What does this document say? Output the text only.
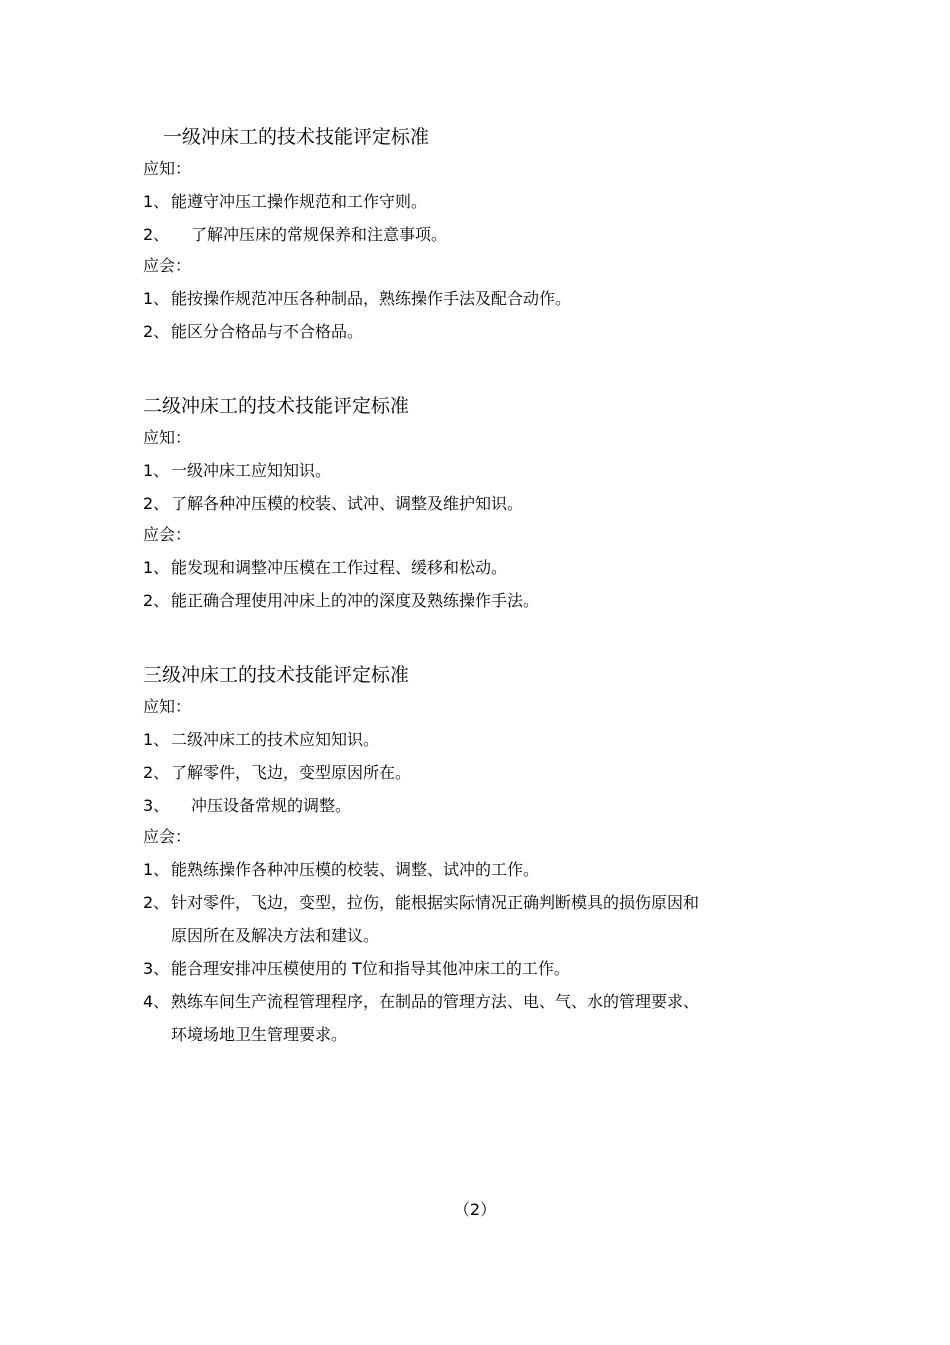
一级冲床工的技术技能评定标准

应知：

1、 能遵守冲压工操作规范和工作守则。

2、 了解冲压床的常规保养和注意事项。

应会：

1、 能按操作规范冲压各种制品，熟练操作手法及配合动作。

2、 能区分合格品与不合格品。

二级冲床工的技术技能评定标准

应知：

1、 一级冲床工应知知识。

2、 了解各种冲压模的校装、试冲、调整及维护知识。

应会：

1、 能发现和调整冲压模在工作过程、缓移和松动。

2、 能正确合理使用冲床上的冲的深度及熟练操作手法。

三级冲床工的技术技能评定标准

应知：

1、 二级冲床工的技术应知知识。

2、 了解零件，飞边，变型原因所在。

3、 冲压设备常规的调整。

应会：

1、 能熟练操作各种冲压模的校装、调整、试冲的工作。

2、 针对零件，飞边，变型，拉伤，能根据实际情况正确判断模具的损伤原因和
原因所在及解决方法和建议。

3、 能合理安排冲压模使用的 T位和指导其他冲床工的工作。

4、 熟练车间生产流程管理程序，在制品的管理方法、电、气、水的管理要求、
环境场地卫生管理要求。

（2）
